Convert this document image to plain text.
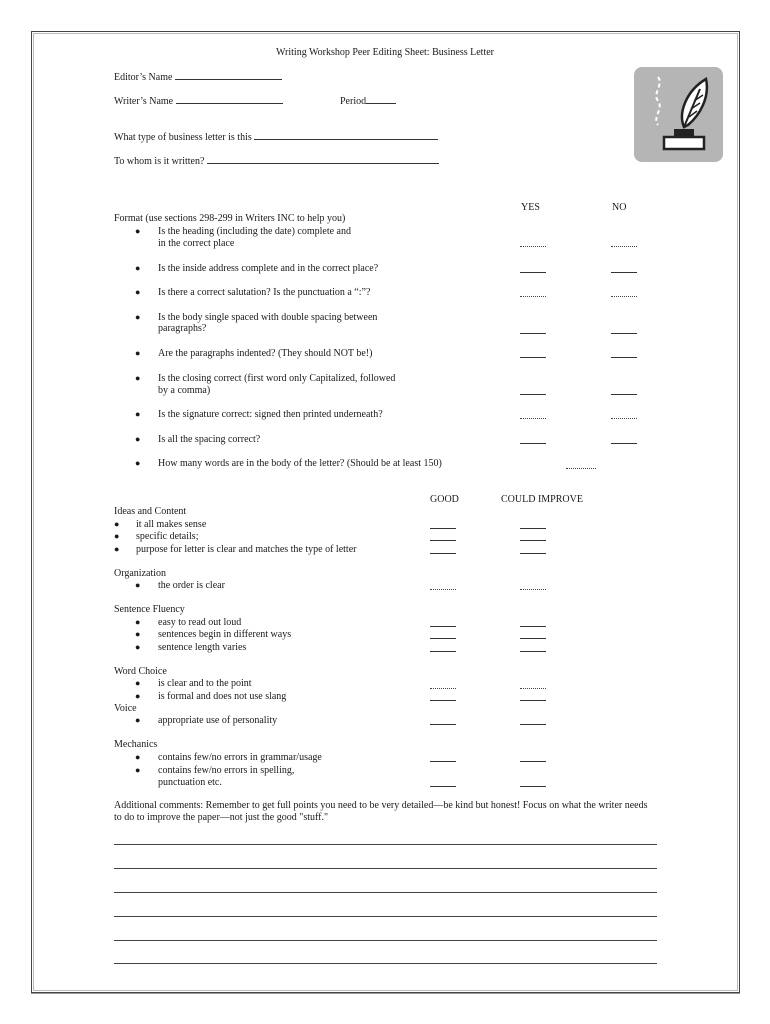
Writing Workshop Peer Editing Sheet: Business Letter
Editor’s Name
Writer’s Name	Period
What type of business letter is this
To whom is it written?
YES	NO
Format (use sections 298-299 in Writers INC to help you)
● Is the heading (including the date) complete and
in the correct place
● Is the inside address complete and in the correct place?
● Is there a correct salutation? Is the punctuation a “:”?
● Is the body single spaced with double spacing between
paragraphs?
● Are the paragraphs indented? (They should NOT be!)
● Is the closing correct (first word only Capitalized, followed
by a comma)
● Is the signature correct: signed then printed underneath?
● Is all the spacing correct?
● How many words are in the body of the letter? (Should be at least 150)
GOOD	COULD IMPROVE
Ideas and Content
● it all makes sense
● specific details;
● purpose for letter is clear and matches the type of letter
Organization
● the order is clear
Sentence Fluency
● easy to read out loud
● sentences begin in different ways
● sentence length varies
Word Choice
● is clear and to the point
● is formal and does not use slang
Voice
● appropriate use of personality
Mechanics
● contains few/no errors in grammar/usage
● contains few/no errors in spelling,
punctuation etc.
Additional comments: Remember to get full points you need to be very detailed—be kind but honest! Focus on what the writer needs
to do to improve the paper—not just the good "stuff."
